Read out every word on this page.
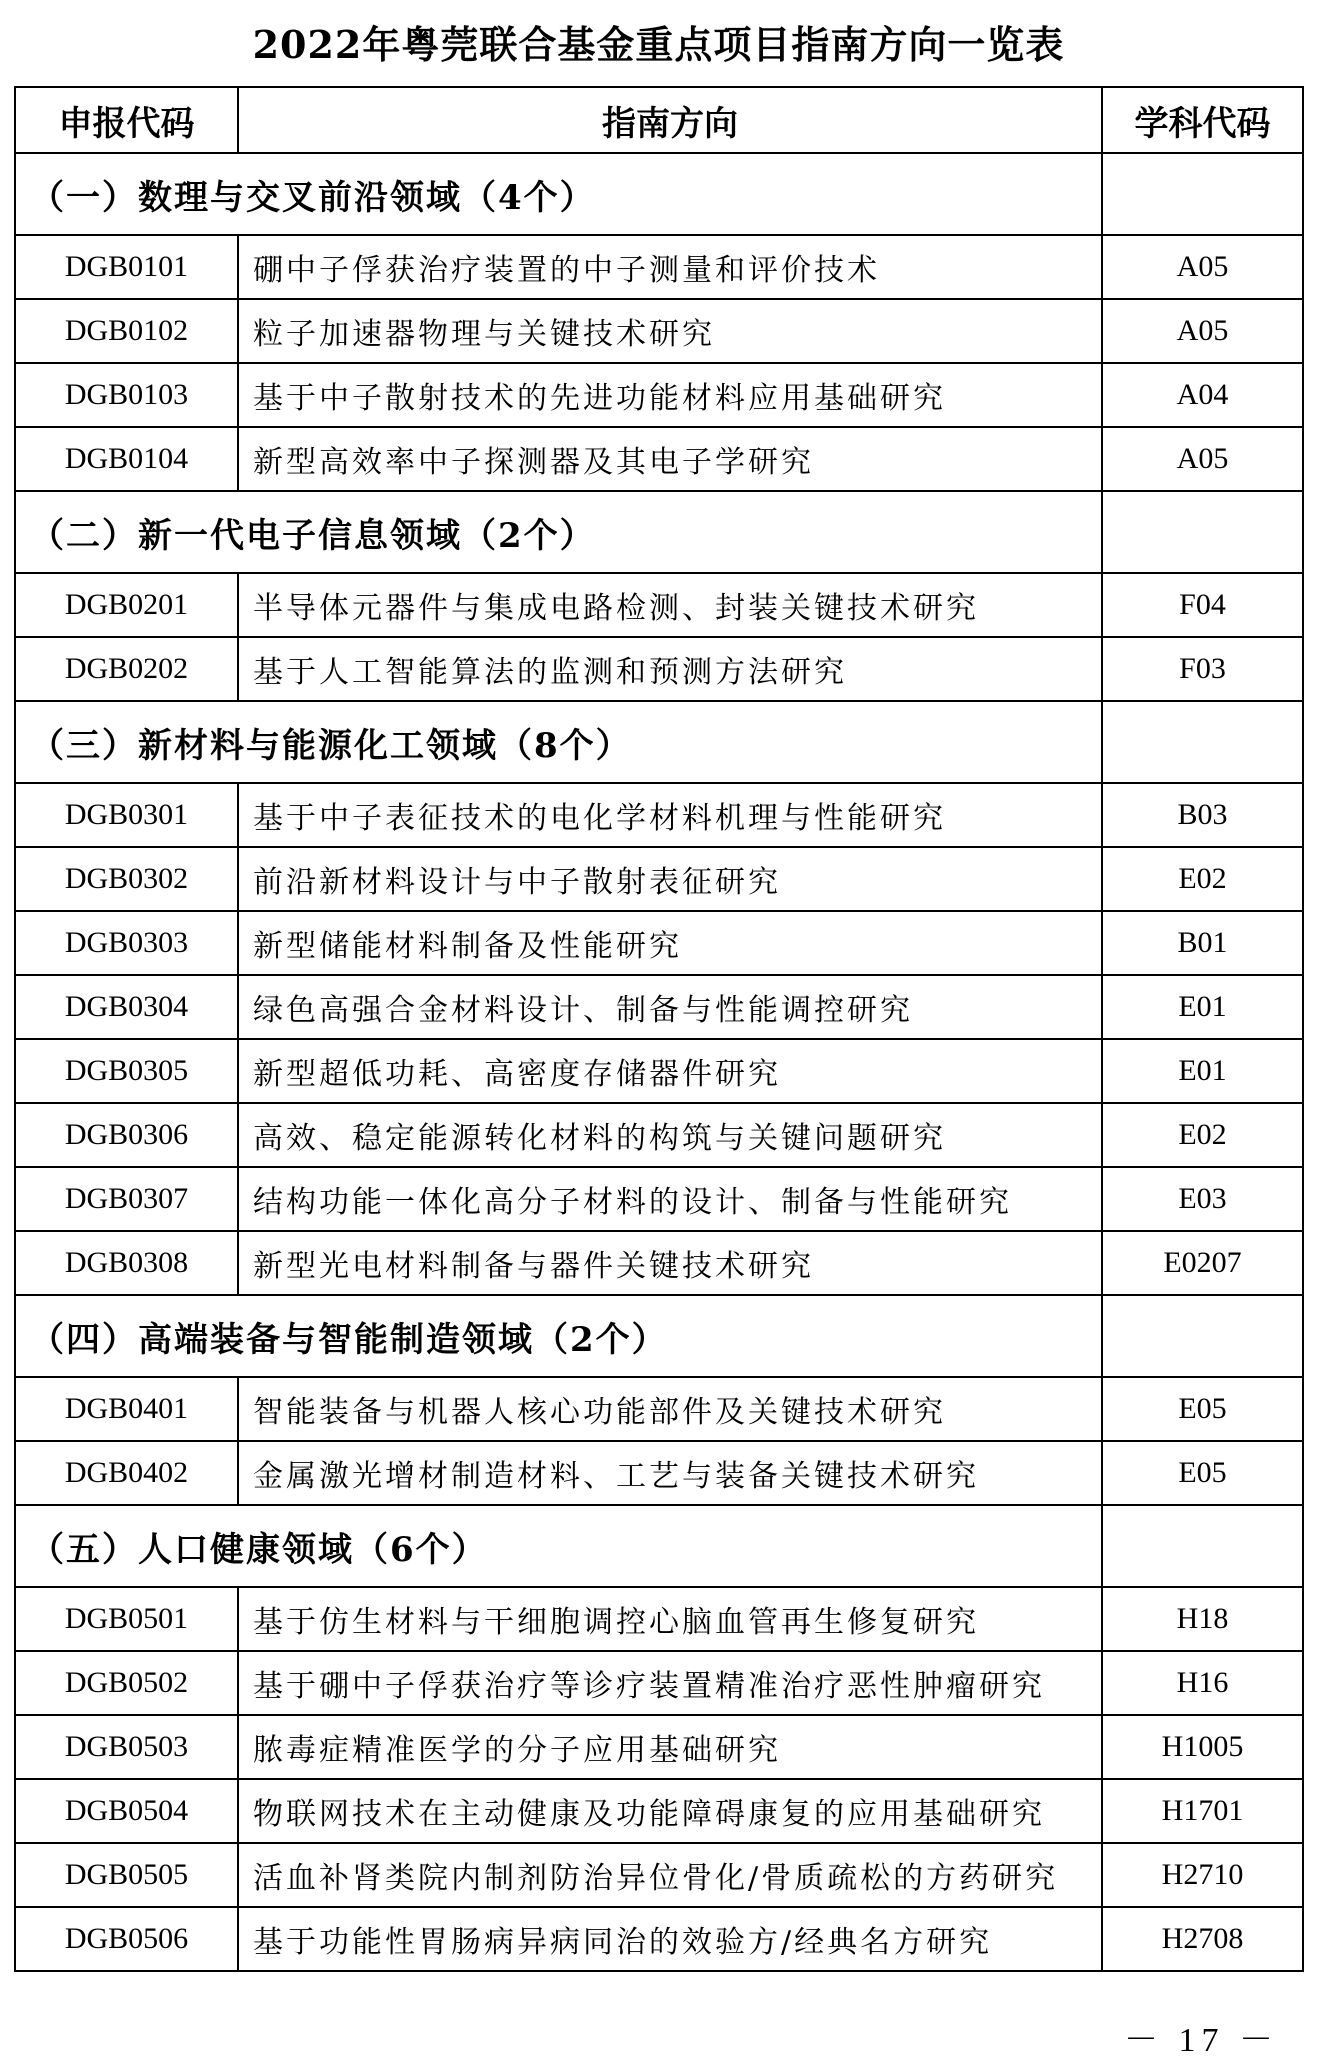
2022年粤莞联合基金重点项目指南方向一览表
申报代码	指南方向	学科代码
（一）数理与交叉前沿领域（4个）		
DGB0101	硼中子俘获治疗装置的中子测量和评价技术	A05
DGB0102	粒子加速器物理与关键技术研究	A05
DGB0103	基于中子散射技术的先进功能材料应用基础研究	A04
DGB0104	新型高效率中子探测器及其电子学研究	A05
（二）新一代电子信息领域（2个）		
DGB0201	半导体元器件与集成电路检测、封装关键技术研究	F04
DGB0202	基于人工智能算法的监测和预测方法研究	F03
（三）新材料与能源化工领域（8个）		
DGB0301	基于中子表征技术的电化学材料机理与性能研究	B03
DGB0302	前沿新材料设计与中子散射表征研究	E02
DGB0303	新型储能材料制备及性能研究	B01
DGB0304	绿色高强合金材料设计、制备与性能调控研究	E01
DGB0305	新型超低功耗、高密度存储器件研究	E01
DGB0306	高效、稳定能源转化材料的构筑与关键问题研究	E02
DGB0307	结构功能一体化高分子材料的设计、制备与性能研究	E03
DGB0308	新型光电材料制备与器件关键技术研究	E0207
（四）高端装备与智能制造领域（2个）		
DGB0401	智能装备与机器人核心功能部件及关键技术研究	E05
DGB0402	金属激光增材制造材料、工艺与装备关键技术研究	E05
（五）人口健康领域（6个）		
DGB0501	基于仿生材料与干细胞调控心脑血管再生修复研究	H18
DGB0502	基于硼中子俘获治疗等诊疗装置精准治疗恶性肿瘤研究	H16
DGB0503	脓毒症精准医学的分子应用基础研究	H1005
DGB0504	物联网技术在主动健康及功能障碍康复的应用基础研究	H1701
DGB0505	活血补肾类院内制剂防治异位骨化/骨质疏松的方药研究	H2710
DGB0506	基于功能性胃肠病异病同治的效验方/经典名方研究	H2708
－ 17 －
